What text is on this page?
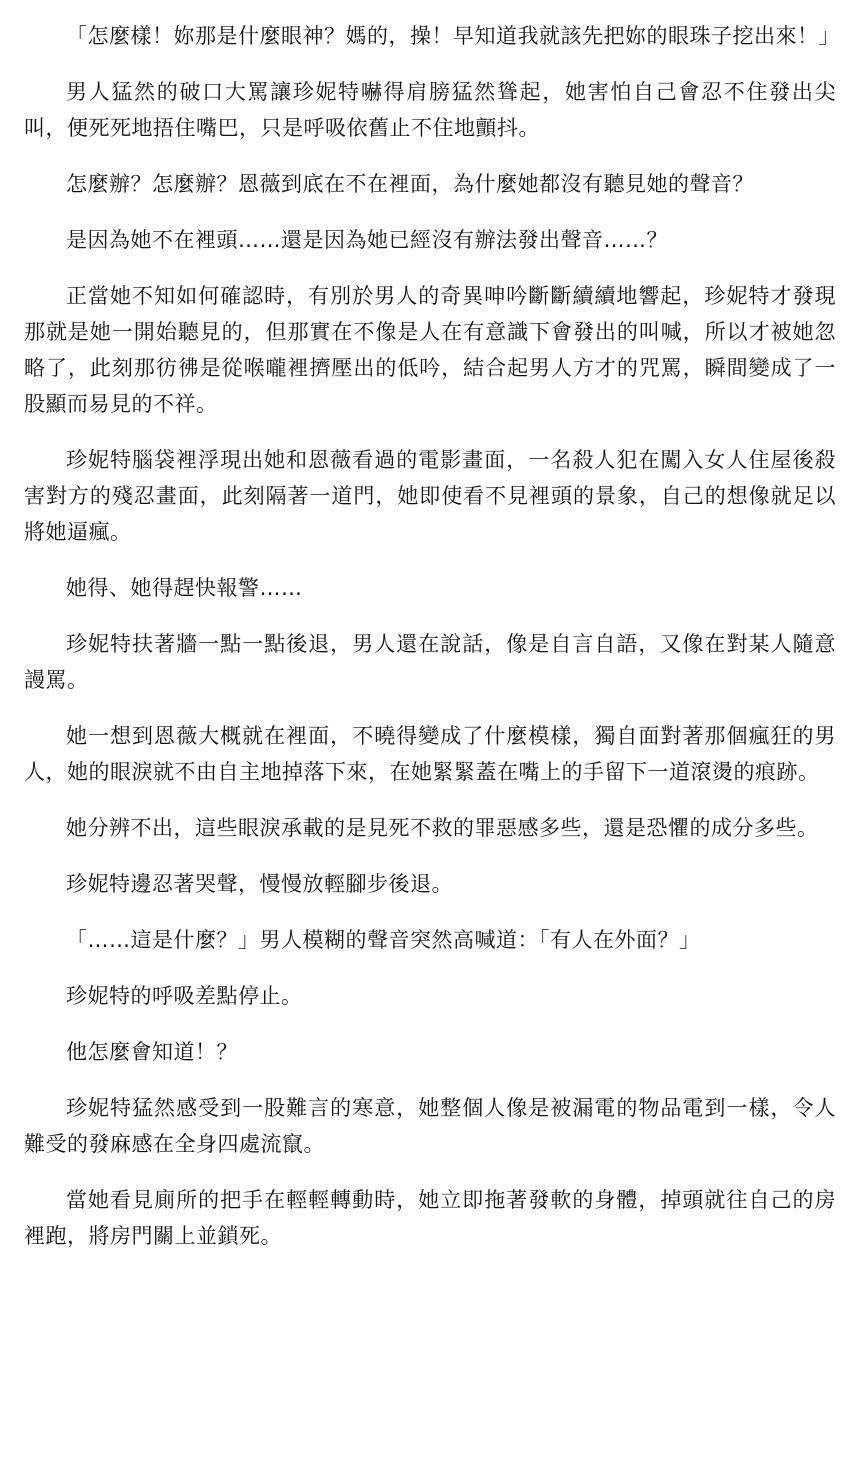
「怎麼樣！妳那是什麼眼神？媽的，操！早知道我就該先把妳的眼珠子挖出來！」

男人猛然的破口大罵讓珍妮特嚇得肩膀猛然聳起，她害怕自己會忍不住發出尖叫，便死死地捂住嘴巴，只是呼吸依舊止不住地顫抖。

怎麼辦？怎麼辦？恩薇到底在不在裡面，為什麼她都沒有聽見她的聲音？

是因為她不在裡頭……還是因為她已經沒有辦法發出聲音……？

正當她不知如何確認時，有別於男人的奇異呻吟斷斷續續地響起，珍妮特才發現那就是她一開始聽見的，但那實在不像是人在有意識下會發出的叫喊，所以才被她忽略了，此刻那彷彿是從喉嚨裡擠壓出的低吟，結合起男人方才的咒罵，瞬間變成了一股顯而易見的不祥。

珍妮特腦袋裡浮現出她和恩薇看過的電影畫面，一名殺人犯在闖入女人住屋後殺害對方的殘忍畫面，此刻隔著一道門，她即使看不見裡頭的景象，自己的想像就足以將她逼瘋。

她得、她得趕快報警……

珍妮特扶著牆一點一點後退，男人還在說話，像是自言自語，又像在對某人隨意謾罵。

她一想到恩薇大概就在裡面，不曉得變成了什麼模樣，獨自面對著那個瘋狂的男人，她的眼淚就不由自主地掉落下來，在她緊緊蓋在嘴上的手留下一道滾燙的痕跡。

她分辨不出，這些眼淚承載的是見死不救的罪惡感多些，還是恐懼的成分多些。

珍妮特邊忍著哭聲，慢慢放輕腳步後退。

「……這是什麼？」男人模糊的聲音突然高喊道：「有人在外面？」

珍妮特的呼吸差點停止。

他怎麼會知道！？

珍妮特猛然感受到一股難言的寒意，她整個人像是被漏電的物品電到一樣，令人難受的發麻感在全身四處流竄。

當她看見廁所的把手在輕輕轉動時，她立即拖著發軟的身體，掉頭就往自己的房裡跑，將房門關上並鎖死。
